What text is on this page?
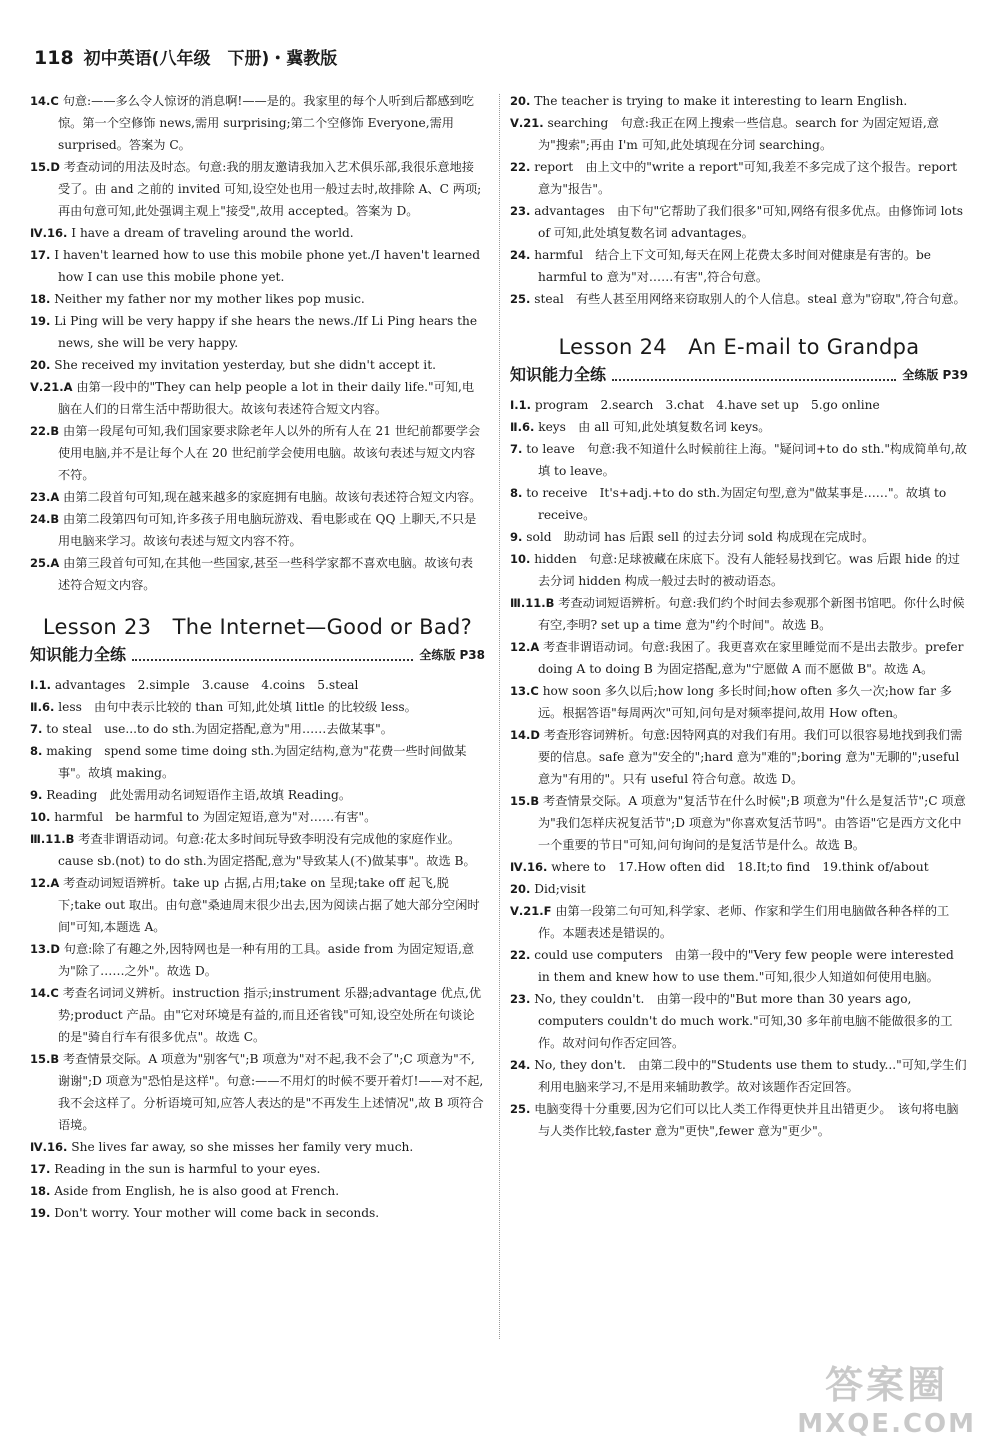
118 初中英语(八年级　下册)・冀教版

14.C 句意:——多么令人惊讶的消息啊!——是的。我家里的每个人听到后都感到吃惊。第一个空修饰 news,需用 surprising;第二个空修饰 Everyone,需用 surprised。答案为 C。

15.D 考查动词的用法及时态。句意:我的朋友邀请我加入艺术俱乐部,我很乐意地接受了。由 and 之前的 invited 可知,设空处也用一般过去时,故排除 A、C 两项;再由句意可知,此处强调主观上"接受",故用 accepted。答案为 D。

Ⅳ.16. I have a dream of traveling around the world.

17. I haven't learned how to use this mobile phone yet./I haven't learned how I can use this mobile phone yet.

18. Neither my father nor my mother likes pop music.

19. Li Ping will be very happy if she hears the news./If Li Ping hears the news, she will be very happy.

20. She received my invitation yesterday, but she didn't accept it.

Ⅴ.21.A 由第一段中的"They can help people a lot in their daily life."可知,电脑在人们的日常生活中帮助很大。故该句表述符合短文内容。

22.B 由第一段尾句可知,我们国家要求除老年人以外的所有人在 21 世纪前都要学会使用电脑,并不是让每个人在 20 世纪前学会使用电脑。故该句表述与短文内容不符。

23.A 由第二段首句可知,现在越来越多的家庭拥有电脑。故该句表述符合短文内容。

24.B 由第二段第四句可知,许多孩子用电脑玩游戏、看电影或在 QQ 上聊天,不只是用电脑来学习。故该句表述与短文内容不符。

25.A 由第三段首句可知,在其他一些国家,甚至一些科学家都不喜欢电脑。故该句表述符合短文内容。

Lesson 23　The Internet—Good or Bad?
知识能力全练	全练版 P38

Ⅰ.1. advantages　2.simple　3.cause　4.coins　5.steal

Ⅱ.6. less　由句中表示比较的 than 可知,此处填 little 的比较级 less。

7. to steal　use...to do sth.为固定搭配,意为"用……去做某事"。

8. making　spend some time doing sth.为固定结构,意为"花费一些时间做某事"。故填 making。

9. Reading　此处需用动名词短语作主语,故填 Reading。

10. harmful　be harmful to 为固定短语,意为"对……有害"。

Ⅲ.11.B 考查非谓语动词。句意:花太多时间玩导致李明没有完成他的家庭作业。cause sb.(not) to do sth.为固定搭配,意为"导致某人(不)做某事"。故选 B。

12.A 考查动词短语辨析。take up 占据,占用;take on 呈现;take off 起飞,脱下;take out 取出。由句意"桑迪周末很少出去,因为阅读占据了她大部分空闲时间"可知,本题选 A。

13.D 句意:除了有趣之外,因特网也是一种有用的工具。aside from 为固定短语,意为"除了……之外"。故选 D。

14.C 考查名词词义辨析。instruction 指示;instrument 乐器;advantage 优点,优势;product 产品。由"它对环境是有益的,而且还省钱"可知,设空处所在句谈论的是"骑自行车有很多优点"。故选 C。

15.B 考查情景交际。A 项意为"别客气";B 项意为"对不起,我不会了";C 项意为"不,谢谢";D 项意为"恐怕是这样"。句意:——不用灯的时候不要开着灯!——对不起,我不会这样了。分析语境可知,应答人表达的是"不再发生上述情况",故 B 项符合语境。

Ⅳ.16. She lives far away, so she misses her family very much.

17. Reading in the sun is harmful to your eyes.

18. Aside from English, he is also good at French.

19. Don't worry. Your mother will come back in seconds.

20. The teacher is trying to make it interesting to learn English.

Ⅴ.21. searching　句意:我正在网上搜索一些信息。search for 为固定短语,意为"搜索";再由 I'm 可知,此处填现在分词 searching。

22. report　由上文中的"write a report"可知,我差不多完成了这个报告。report 意为"报告"。

23. advantages　由下句"它帮助了我们很多"可知,网络有很多优点。由修饰词 lots of 可知,此处填复数名词 advantages。

24. harmful　结合上下文可知,每天在网上花费太多时间对健康是有害的。be harmful to 意为"对……有害",符合句意。

25. steal　有些人甚至用网络来窃取别人的个人信息。steal 意为"窃取",符合句意。

Lesson 24　An E-mail to Grandpa
知识能力全练	全练版 P39

Ⅰ.1. program　2.search　3.chat　4.have set up　5.go online

Ⅱ.6. keys　由 all 可知,此处填复数名词 keys。

7. to leave　句意:我不知道什么时候前往上海。"疑问词+to do sth."构成简单句,故填 to leave。

8. to receive　It's+adj.+to do sth.为固定句型,意为"做某事是……"。故填 to receive。

9. sold　助动词 has 后跟 sell 的过去分词 sold 构成现在完成时。

10. hidden　句意:足球被藏在床底下。没有人能轻易找到它。was 后跟 hide 的过去分词 hidden 构成一般过去时的被动语态。

Ⅲ.11.B 考查动词短语辨析。句意:我们约个时间去参观那个新图书馆吧。你什么时候有空,李明? set up a time 意为"约个时间"。故选 B。

12.A 考查非谓语动词。句意:我困了。我更喜欢在家里睡觉而不是出去散步。prefer doing A to doing B 为固定搭配,意为"宁愿做 A 而不愿做 B"。故选 A。

13.C how soon 多久以后;how long 多长时间;how often 多久一次;how far 多远。根据答语"每周两次"可知,问句是对频率提问,故用 How often。

14.D 考查形容词辨析。句意:因特网真的对我们有用。我们可以很容易地找到我们需要的信息。safe 意为"安全的";hard 意为"难的";boring 意为"无聊的";useful 意为"有用的"。只有 useful 符合句意。故选 D。

15.B 考查情景交际。A 项意为"复活节在什么时候";B 项意为"什么是复活节";C 项意为"我们怎样庆祝复活节";D 项意为"你喜欢复活节吗"。由答语"它是西方文化中一个重要的节日"可知,问句询问的是复活节是什么。故选 B。

Ⅳ.16. where to　17.How often did　18.It;to find　19.think of/about

20. Did;visit

Ⅴ.21.F 由第一段第二句可知,科学家、老师、作家和学生们用电脑做各种各样的工作。本题表述是错误的。

22. could use computers　由第一段中的"Very few people were interested in them and knew how to use them."可知,很少人知道如何使用电脑。

23. No, they couldn't.　由第一段中的"But more than 30 years ago, computers couldn't do much work."可知,30 多年前电脑不能做很多的工作。故对问句作否定回答。

24. No, they don't.　由第二段中的"Students use them to study..."可知,学生们利用电脑来学习,不是用来辅助教学。故对该题作否定回答。

25. 电脑变得十分重要,因为它们可以比人类工作得更快并且出错更少。　该句将电脑与人类作比较,faster 意为"更快",fewer 意为"更少"。

答案圈
MXQE.COM
